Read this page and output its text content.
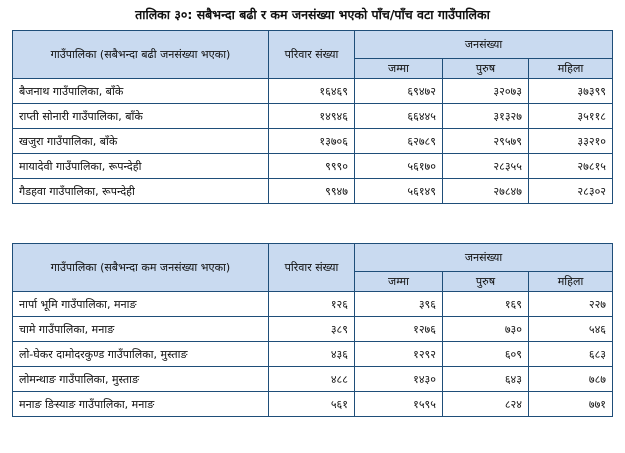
तालिका ३०: सबैभन्दा बढी र कम जनसंख्या भएको पाँच/पाँच वटा गाउँपालिका
गाउँपालिका (सबैभन्दा बढी जनसंख्या भएका)	परिवार संख्या	जनसंख्या		
		जम्मा	पुरुष	महिला
बैजनाथ गाउँपालिका, बाँके	१६४६९	६९४७२	३२०७३	३७३९९
राप्ती सोनारी गाउँपालिका, बाँके	१४९४६	६६४४५	३१३२७	३५११८
खजुरा गाउँपालिका, बाँके	१३७०६	६२७८९	२९५७९	३३२१०
मायादेवी गाउँपालिका, रूपन्देही	९९९०	५६१७०	२८३५५	२७८१५
गैडहवा गाउँपालिका, रूपन्देही	९९४७	५६१४९	२७८४७	२८३०२
गाउँपालिका (सबैभन्दा कम जनसंख्या भएका)	परिवार संख्या	जनसंख्या		
		जम्मा	पुरुष	महिला
नार्पा भूमि गाउँपालिका, मनाङ	१२६	३९६	१६९	२२७
चामे गाउँपालिका, मनाङ	३८९	१२७६	७३०	५४६
लो-घेकर दामोदरकुण्ड गाउँपालिका, मुस्ताङ	४३६	१२९२	६०९	६८३
लोमन्थाङ गाउँपालिका, मुस्ताङ	४८८	१४३०	६४३	७८७
मनाङ ङिस्याङ गाउँपालिका, मनाङ	५६१	१५९५	८२४	७७१
